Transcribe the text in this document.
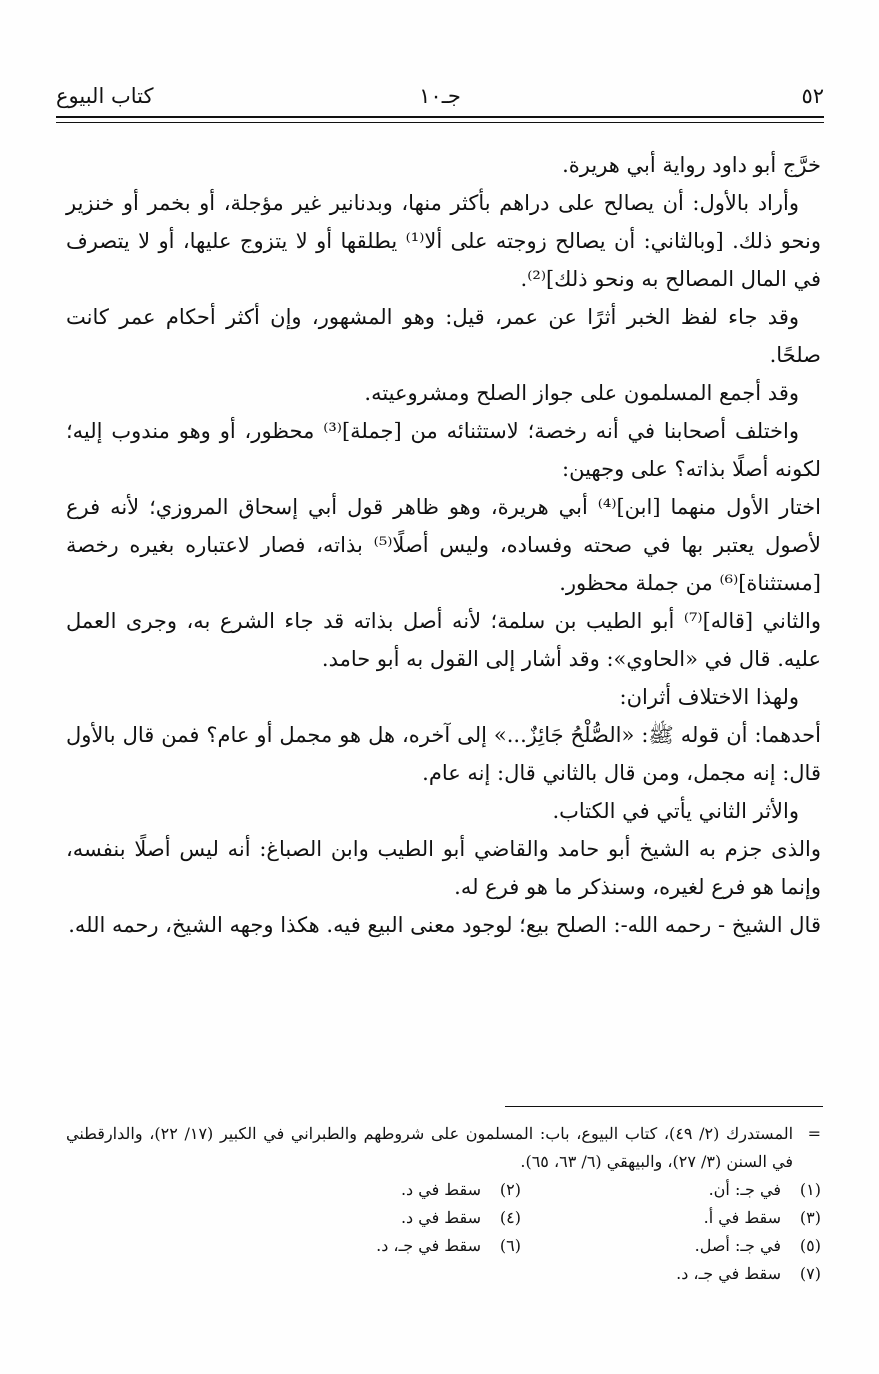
٥٢
جـ١٠
كتاب البيوع

خرَّج أبو داود رواية أبي هريرة.

وأراد بالأول: أن يصالح على دراهم بأكثر منها، وبدنانير غير مؤجلة، أو بخمر أو خنزير ونحو ذلك. [وبالثاني: أن يصالح زوجته على ألا⁽¹⁾ يطلقها أو لا يتزوج عليها، أو لا يتصرف في المال المصالح به ونحو ذلك]⁽²⁾.

وقد جاء لفظ الخبر أثرًا عن عمر، قيل: وهو المشهور، وإن أكثر أحكام عمر كانت صلحًا.

وقد أجمع المسلمون على جواز الصلح ومشروعيته.

واختلف أصحابنا في أنه رخصة؛ لاستثنائه من [جملة]⁽³⁾ محظور، أو وهو مندوب إليه؛ لكونه أصلًا بذاته؟ على وجهين:

اختار الأول منهما [ابن]⁽⁴⁾ أبي هريرة، وهو ظاهر قول أبي إسحاق المروزي؛ لأنه فرع لأصول يعتبر بها في صحته وفساده، وليس أصلًا⁽⁵⁾ بذاته، فصار لاعتباره بغيره رخصة [مستثناة]⁽⁶⁾ من جملة محظور.

والثاني [قاله]⁽⁷⁾ أبو الطيب بن سلمة؛ لأنه أصل بذاته قد جاء الشرع به، وجرى العمل عليه. قال في «الحاوي»: وقد أشار إلى القول به أبو حامد.

ولهذا الاختلاف أثران:

أحدهما: أن قوله ﷺ: «الصُّلْحُ جَائِزٌ...» إلى آخره، هل هو مجمل أو عام؟ فمن قال بالأول قال: إنه مجمل، ومن قال بالثاني قال: إنه عام.

والأثر الثاني يأتي في الكتاب.

والذى جزم به الشيخ أبو حامد والقاضي أبو الطيب وابن الصباغ: أنه ليس أصلًا بنفسه، وإنما هو فرع لغيره، وسنذكر ما هو فرع له.

قال الشيخ - رحمه الله-: الصلح بيع؛ لوجود معنى البيع فيه. هكذا وجهه الشيخ، رحمه الله.

=
المستدرك (٢/ ٤٩)، كتاب البيوع، باب: المسلمون على شروطهم والطبراني في الكبير (١٧/ ٢٢)، والدارقطني في السنن (٣/ ٢٧)، والبيهقي (٦/ ٦٣، ٦٥).
(١)
في جـ: أن.
(٢)
سقط في د.
(٣)
سقط في أ.
(٤)
سقط في د.
(٥)
في جـ: أصل.
(٦)
سقط في جـ، د.
(٧)
سقط في جـ، د.
